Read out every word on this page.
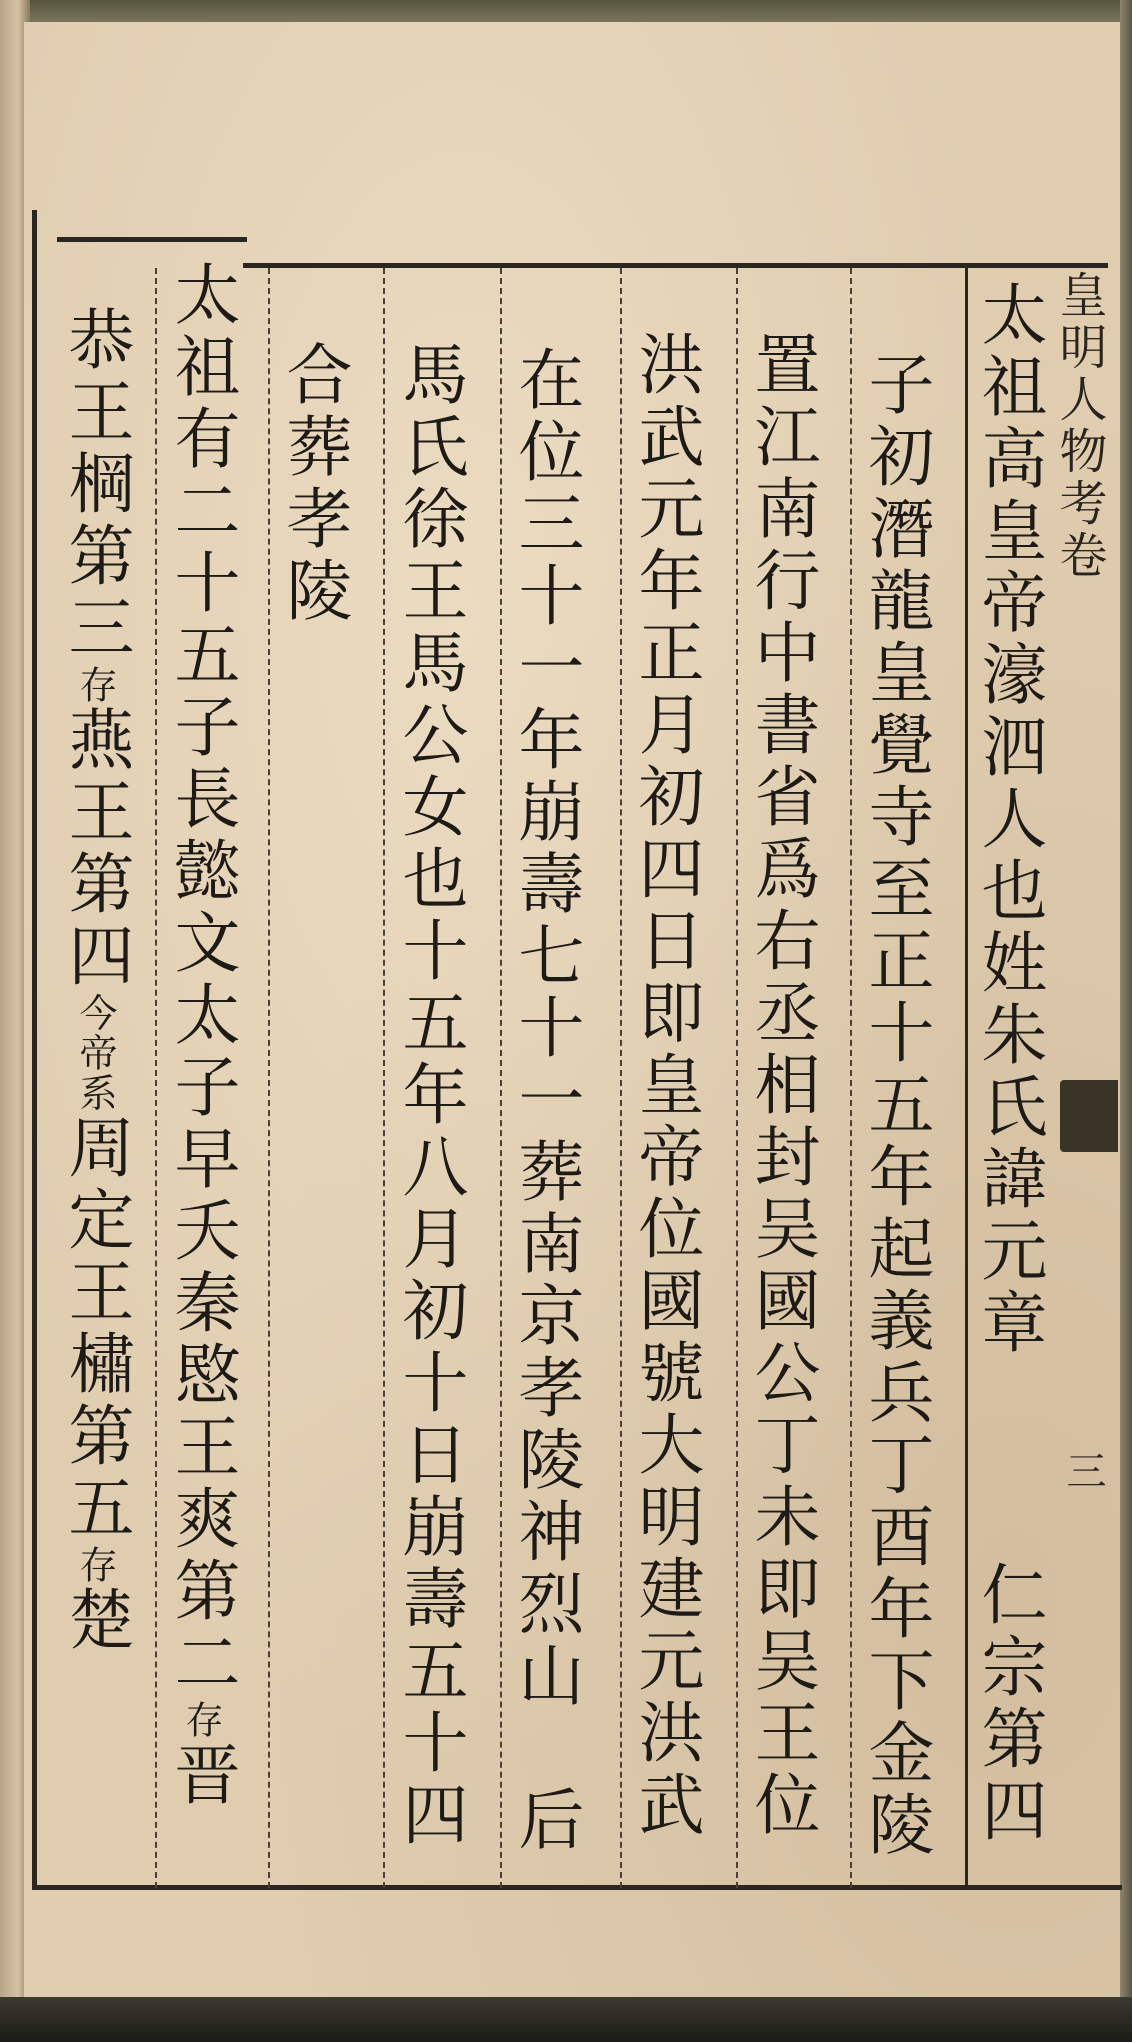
皇明人物考卷
三
太祖高皇帝濠泗人也姓朱氏諱元章
仁宗第四
子初潛龍皇覺寺至正十五年起義兵丁酉年下金陵
置江南行中書省爲右丞相封吴國公丁未即吴王位
洪武元年正月初四日即皇帝位國號大明建元洪武
在位三十一年崩壽七十一葬南京孝陵神烈山　后
馬氏徐王馬公女也十五年八月初十日崩壽五十四
合葬孝陵
太祖有二十五子長懿文太子早夭秦愍王爽第二存晋
恭王棡第三存燕王第四今帝系周定王橚第五存楚
